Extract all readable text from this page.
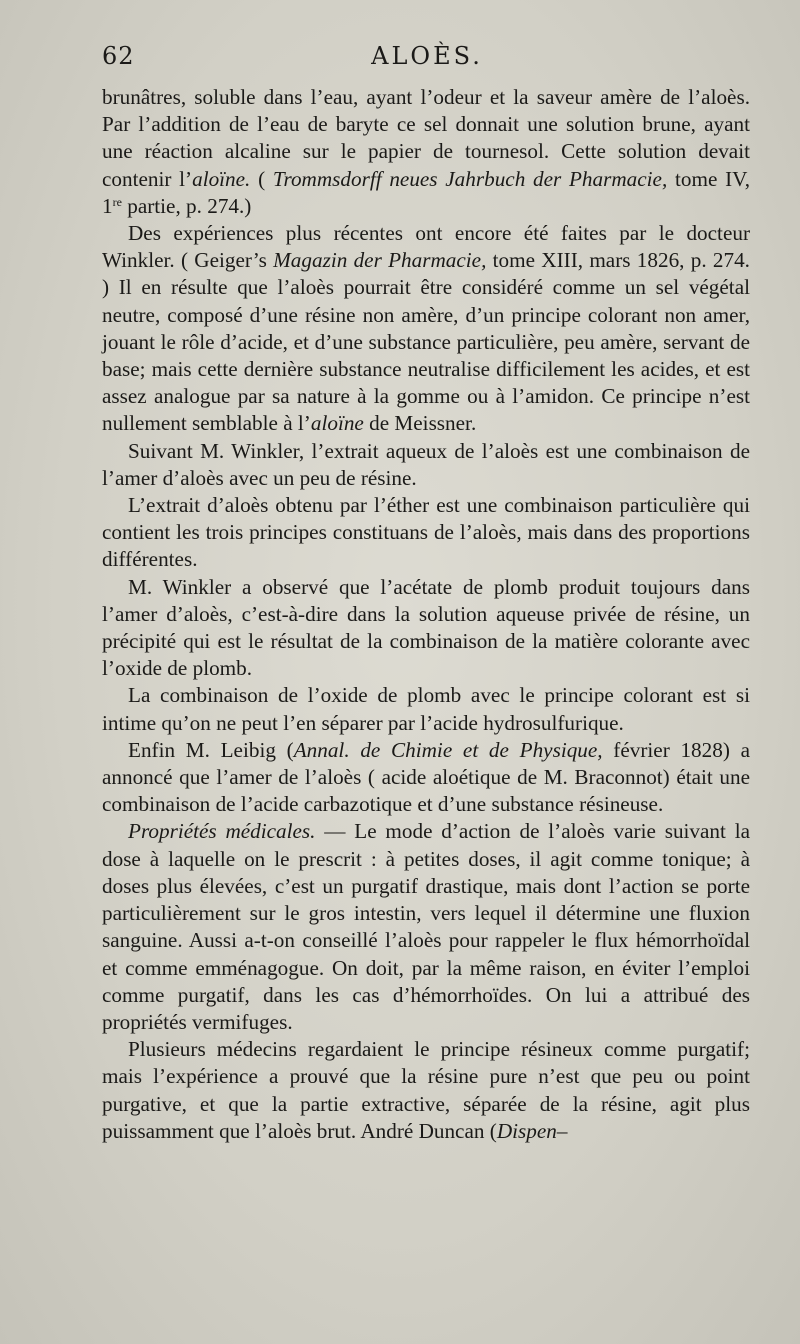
62	ALOÈS.

brunâtres, soluble dans l’eau, ayant l’odeur et la saveur amère de l’aloès. Par l’addition de l’eau de baryte ce sel donnait une solution brune, ayant une réaction alcaline sur le papier de tournesol. Cette solution devait contenir l’aloïne. ( Trommsdorff neues Jahrbuch der Pharmacie, tome IV, 1re partie, p. 274.)

Des expériences plus récentes ont encore été faites par le docteur Winkler. ( Geiger’s Magazin der Pharmacie, tome XIII, mars 1826, p. 274. ) Il en résulte que l’aloès pourrait être considéré comme un sel végétal neutre, composé d’une résine non amère, d’un principe colorant non amer, jouant le rôle d’acide, et d’une substance particulière, peu amère, servant de base; mais cette dernière substance neutralise difficilement les acides, et est assez analogue par sa nature à la gomme ou à l’amidon. Ce principe n’est nullement semblable à l’aloïne de Meissner.

Suivant M. Winkler, l’extrait aqueux de l’aloès est une combinaison de l’amer d’aloès avec un peu de résine.

L’extrait d’aloès obtenu par l’éther est une combinaison particulière qui contient les trois principes constituans de l’aloès, mais dans des proportions différentes.

M. Winkler a observé que l’acétate de plomb produit toujours dans l’amer d’aloès, c’est-à-dire dans la solution aqueuse privée de résine, un précipité qui est le résultat de la combinaison de la matière colorante avec l’oxide de plomb.

La combinaison de l’oxide de plomb avec le principe colorant est si intime qu’on ne peut l’en séparer par l’acide hydrosulfurique.

Enfin M. Leibig (Annal. de Chimie et de Physique, février 1828) a annoncé que l’amer de l’aloès ( acide aloétique de M. Braconnot) était une combinaison de l’acide carbazotique et d’une substance résineuse.

Propriétés médicales. — Le mode d’action de l’aloès varie suivant la dose à laquelle on le prescrit : à petites doses, il agit comme tonique; à doses plus élevées, c’est un purgatif drastique, mais dont l’action se porte particulièrement sur le gros intestin, vers lequel il détermine une fluxion sanguine. Aussi a-t-on conseillé l’aloès pour rappeler le flux hémorrhoïdal et comme emménagogue. On doit, par la même raison, en éviter l’emploi comme purgatif, dans les cas d’hémorrhoïdes. On lui a attribué des propriétés vermifuges.

Plusieurs médecins regardaient le principe résineux comme purgatif; mais l’expérience a prouvé que la résine pure n’est que peu ou point purgative, et que la partie extractive, séparée de la résine, agit plus puissamment que l’aloès brut. André Duncan (Dispen–
